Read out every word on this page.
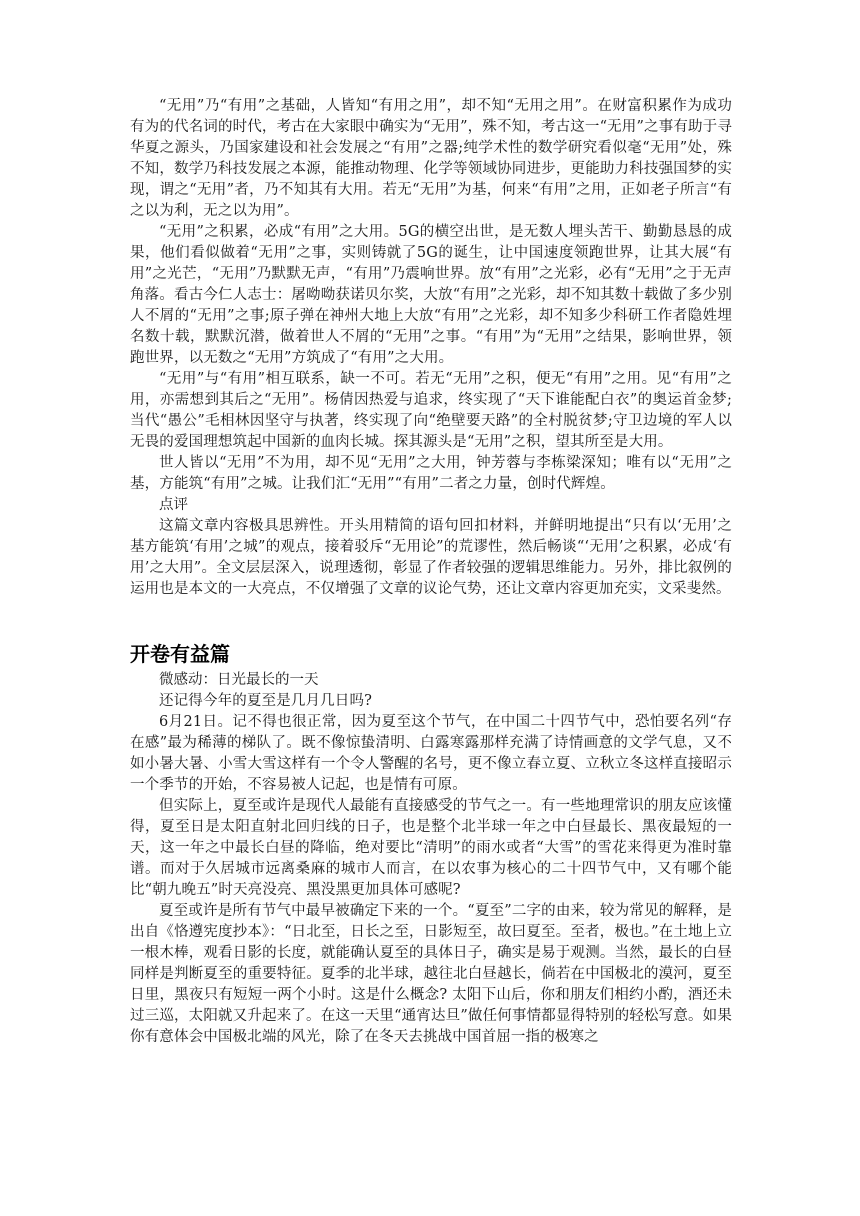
“无用”乃“有用”之基础，人皆知“有用之用”，却不知“无用之用”。在财富积累作为成功有为的代名词的时代，考古在大家眼中确实为“无用”，殊不知，考古这一“无用”之事有助于寻华夏之源头，乃国家建设和社会发展之“有用”之器;纯学术性的数学研究看似毫“无用”处，殊不知，数学乃科技发展之本源，能推动物理、化学等领域协同进步，更能助力科技强国梦的实现，谓之“无用”者，乃不知其有大用。若无“无用”为基，何来“有用”之用，正如老子所言“有之以为利，无之以为用”。

“无用”之积累，必成“有用”之大用。5G的横空出世，是无数人埋头苦干、勤勤恳恳的成果，他们看似做着“无用”之事，实则铸就了5G的诞生，让中国速度领跑世界，让其大展“有用”之光芒，“无用”乃默默无声，“有用”乃震响世界。放“有用”之光彩，必有“无用”之于无声角落。看古今仁人志士：屠呦呦获诺贝尔奖，大放“有用”之光彩，却不知其数十载做了多少别人不屑的“无用”之事;原子弹在神州大地上大放“有用”之光彩，却不知多少科研工作者隐姓埋名数十载，默默沉潜，做着世人不屑的“无用”之事。“有用”为“无用”之结果，影响世界，领跑世界，以无数之“无用”方筑成了“有用”之大用。

“无用”与“有用”相互联系，缺一不可。若无“无用”之积，便无“有用”之用。见“有用”之用，亦需想到其后之“无用”。杨倩因热爱与追求，终实现了“天下谁能配白衣”的奥运首金梦;当代“愚公”毛相林因坚守与执著，终实现了向“绝壁要天路”的全村脱贫梦;守卫边境的军人以无畏的爱国理想筑起中国新的血肉长城。探其源头是“无用”之积，望其所至是大用。

世人皆以“无用”不为用，却不见“无用”之大用，钟芳蓉与李栋梁深知；唯有以“无用”之基，方能筑“有用”之城。让我们汇“无用”“有用”二者之力量，创时代辉煌。

点评

这篇文章内容极具思辨性。开头用精简的语句回扣材料，并鲜明地提出“只有以‘无用’之基方能筑‘有用’之城”的观点，接着驳斥“无用论”的荒谬性，然后畅谈“‘无用’之积累，必成‘有用’之大用”。全文层层深入，说理透彻，彰显了作者较强的逻辑思维能力。另外，排比叙例的运用也是本文的一大亮点，不仅增强了文章的议论气势，还让文章内容更加充实，文采斐然。

开卷有益篇

微感动：日光最长的一天

还记得今年的夏至是几月几日吗?

6月21日。记不得也很正常，因为夏至这个节气，在中国二十四节气中，恐怕要名列“存在感”最为稀薄的梯队了。既不像惊蛰清明、白露寒露那样充满了诗情画意的文学气息，又不如小暑大暑、小雪大雪这样有一个令人警醒的名号，更不像立春立夏、立秋立冬这样直接昭示一个季节的开始，不容易被人记起，也是情有可原。

但实际上，夏至或许是现代人最能有直接感受的节气之一。有一些地理常识的朋友应该懂得，夏至日是太阳直射北回归线的日子，也是整个北半球一年之中白昼最长、黑夜最短的一天，这一年之中最长白昼的降临，绝对要比“清明”的雨水或者“大雪”的雪花来得更为准时靠谱。而对于久居城市远离桑麻的城市人而言，在以农事为核心的二十四节气中，又有哪个能比“朝九晚五”时天亮没亮、黑没黑更加具体可感呢?

夏至或许是所有节气中最早被确定下来的一个。“夏至”二字的由来，较为常见的解释，是出自《恪遵宪度抄本》：“日北至，日长之至，日影短至，故曰夏至。至者，极也。”在土地上立一根木棒，观看日影的长度，就能确认夏至的具体日子，确实是易于观测。当然，最长的白昼同样是判断夏至的重要特征。夏季的北半球，越往北白昼越长，倘若在中国极北的漠河，夏至日里，黑夜只有短短一两个小时。这是什么概念? 太阳下山后，你和朋友们相约小酌，酒还未过三巡，太阳就又升起来了。在这一天里“通宵达旦”做任何事情都显得特别的轻松写意。如果你有意体会中国极北端的风光，除了在冬天去挑战中国首屈一指的极寒之
